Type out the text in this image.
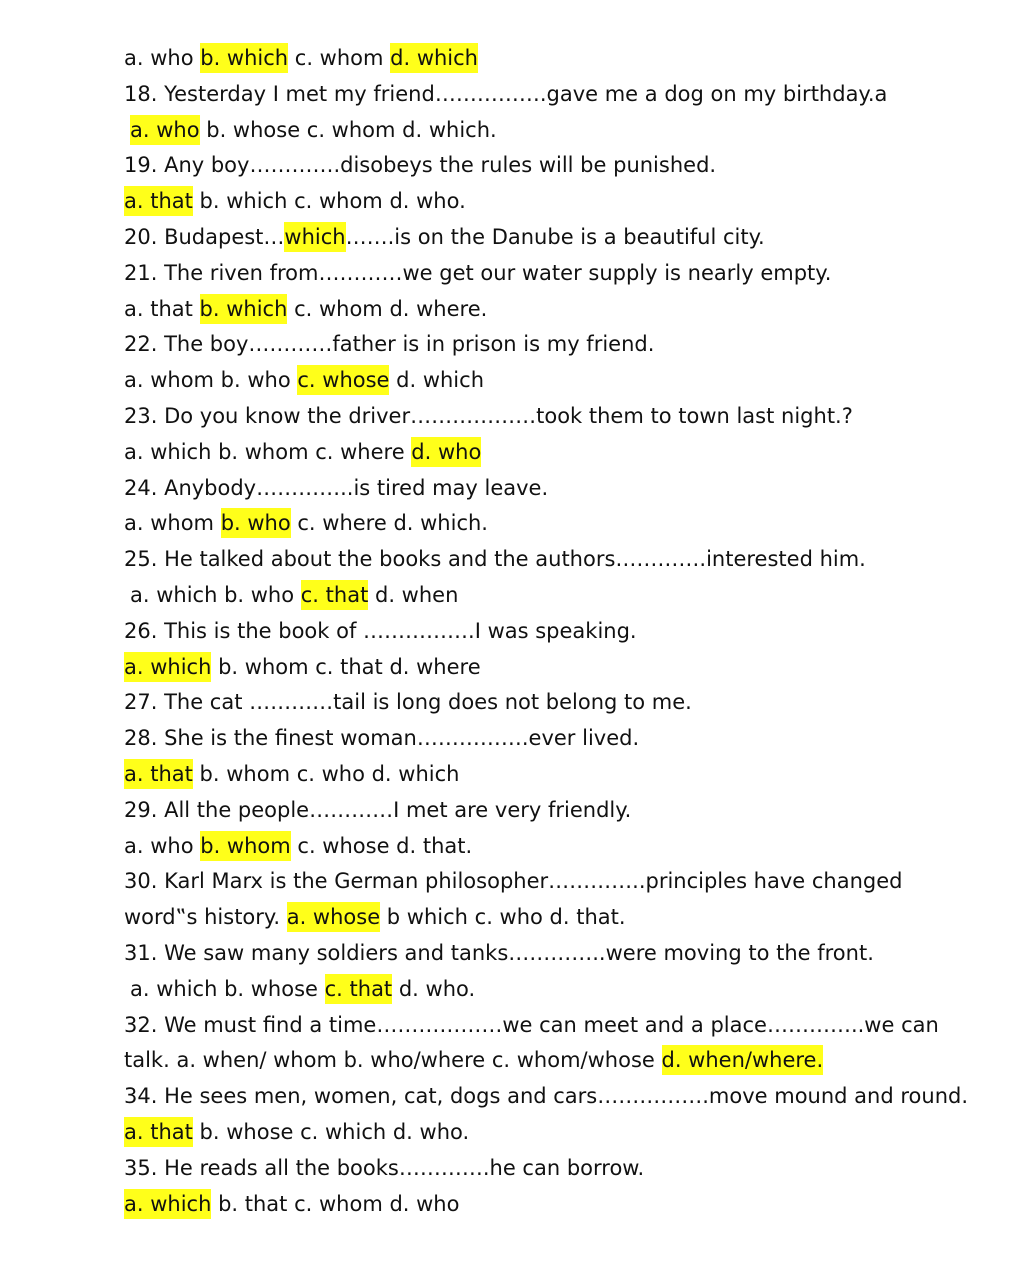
a. who b. which c. whom d. which
18. Yesterday I met my friend…………….gave me a dog on my birthday.a
a. who b. whose c. whom d. which.
19. Any boy………….disobeys the rules will be punished.
a. that b. which c. whom d. who.
20. Budapest…which…….is on the Danube is a beautiful city.
21. The riven from…………we get our water supply is nearly empty.
a. that b. which c. whom d. where.
22. The boy…………father is in prison is my friend.
a. whom b. who c. whose d. which
23. Do you know the driver………………took them to town last night.?
a. which b. whom c. where d. who
24. Anybody…………..is tired may leave.
a. whom b. who c. where d. which.
25. He talked about the books and the authors………….interested him.
a. which b. who c. that d. when
26. This is the book of …………….I was speaking.
a. which b. whom c. that d. where
27. The cat …………tail is long does not belong to me.
28. She is the finest woman…………….ever lived.
a. that b. whom c. who d. which
29. All the people…………I met are very friendly.
a. who b. whom c. whose d. that.
30. Karl Marx is the German philosopher…………..principles have changed
word‟s history. a. whose b which c. who d. that.
31. We saw many soldiers and tanks…………..were moving to the front.
a. which b. whose c. that d. who.
32. We must find a time………………we can meet and a place…………..we can
talk. a. when/ whom b. who/where c. whom/whose d. when/where.
34. He sees men, women, cat, dogs and cars…………….move mound and round.
a. that b. whose c. which d. who.
35. He reads all the books………….he can borrow.
a. which b. that c. whom d. who
